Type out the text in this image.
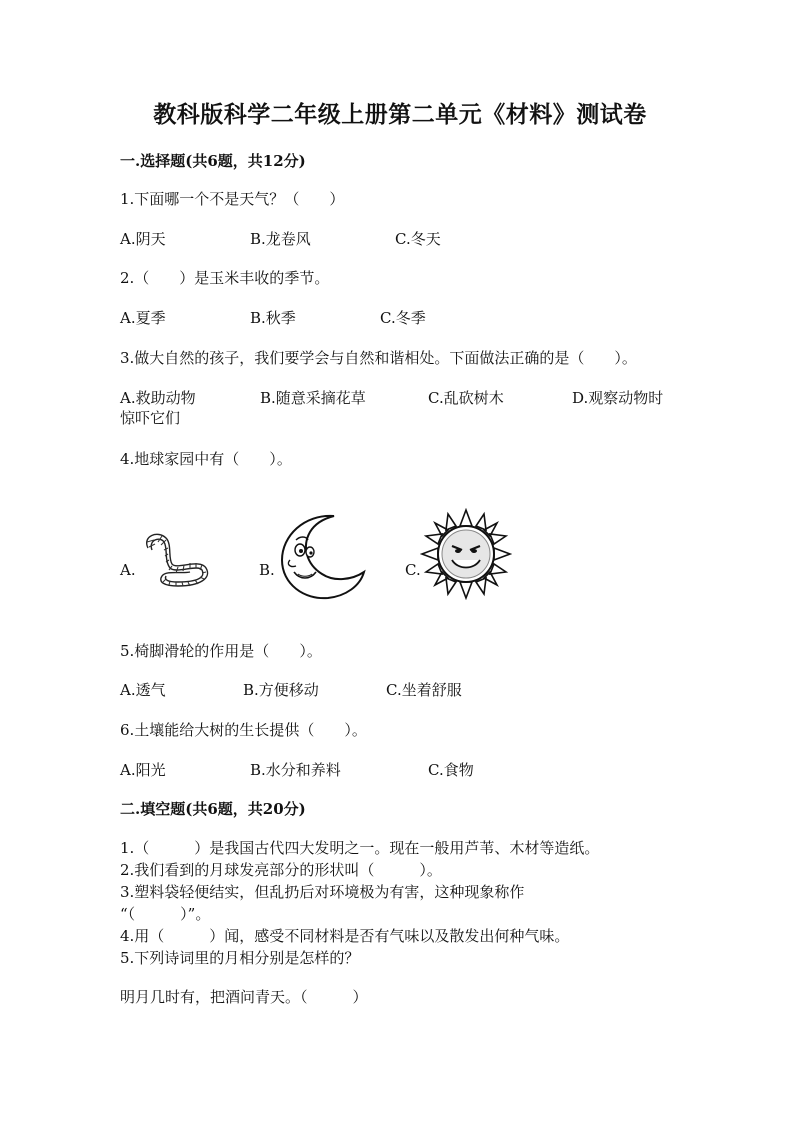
教科版科学二年级上册第二单元《材料》测试卷
一.选择题(共6题，共12分)
1.下面哪一个不是天气？（　　）
A.阴天	B.龙卷风	C.冬天
2.（　　）是玉米丰收的季节。
A.夏季	B.秋季	C.冬季
3.做大自然的孩子，我们要学会与自然和谐相处。下面做法正确的是（　　）。
A.救助动物	B.随意采摘花草	C.乱砍树木	D.观察动物时
惊吓它们
4.地球家园中有（　　）。
A.	B.	C.
5.椅脚滑轮的作用是（　　）。
A.透气	B.方便移动	C.坐着舒服
6.土壤能给大树的生长提供（　　）。
A.阳光	B.水分和养料	C.食物
二.填空题(共6题，共20分)
1.（　　　）是我国古代四大发明之一。现在一般用芦苇、木材等造纸。
2.我们看到的月球发亮部分的形状叫（　　　）。
3.塑料袋轻便结实，但乱扔后对环境极为有害，这种现象称作
“（　　　）”。
4.用（　　　）闻，感受不同材料是否有气味以及散发出何种气味。
5.下列诗词里的月相分别是怎样的？
明月几时有，把酒问青天。（　　　）
